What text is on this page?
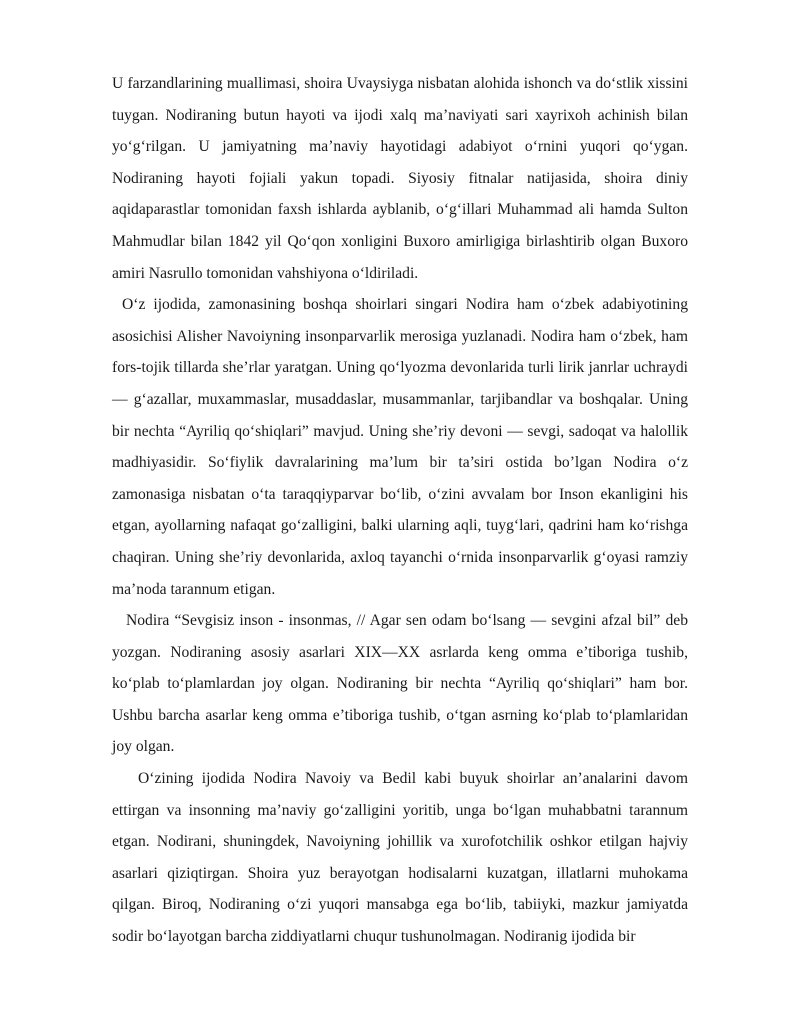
U farzandlarining muallimasi, shoira Uvaysiyga nisbatan alohida ishonch va do‘stlik xissini tuygan. Nodiraning butun hayoti va ijodi xalq ma’naviyati sari xayrixoh achinish bilan yo‘g‘rilgan. U jamiyatning ma’naviy hayotidagi adabiyot o‘rnini yuqori qo‘ygan. Nodiraning hayoti fojiali yakun topadi. Siyosiy fitnalar natijasida, shoira diniy aqidaparastlar tomonidan faxsh ishlarda ayblanib, o‘g‘illari Muhammad ali hamda Sulton Mahmudlar bilan 1842 yil Qo‘qon xonligini Buxoro amirligiga birlashtirib olgan Buxoro amiri Nasrullo tomonidan vahshiyona o‘ldiriladi.

O‘z ijodida, zamonasining boshqa shoirlari singari Nodira ham o‘zbek adabiyotining asosichisi Alisher Navoiyning insonparvarlik merosiga yuzlanadi. Nodira ham o‘zbek, ham fors-tojik tillarda she’rlar yaratgan. Uning qo‘lyozma devonlarida turli lirik janrlar uchraydi — g‘azallar, muxammaslar, musaddaslar, musammanlar, tarjibandlar va boshqalar. Uning bir nechta “Ayriliq qo‘shiqlari” mavjud. Uning she’riy devoni — sevgi, sadoqat va halollik madhiyasidir. So‘fiylik davralarining ma’lum bir ta’siri ostida bo’lgan Nodira o‘z zamonasiga nisbatan o‘ta taraqqiyparvar bo‘lib, o‘zini avvalam bor Inson ekanligini his etgan, ayollarning nafaqat go‘zalligini, balki ularning aqli, tuyg‘lari, qadrini ham ko‘rishga chaqiran. Uning she’riy devonlarida, axloq tayanchi o‘rnida insonparvarlik g‘oyasi ramziy ma’noda tarannum etigan.

Nodira “Sevgisiz inson - insonmas, // Agar sen odam bo‘lsang — sevgini afzal bil” deb yozgan. Nodiraning asosiy asarlari XIX—XX asrlarda keng omma e’tiboriga tushib, ko‘plab to‘plamlardan joy olgan. Nodiraning bir nechta “Ayriliq qo‘shiqlari” ham bor. Ushbu barcha asarlar keng omma e’tiboriga tushib, o‘tgan asrning ko‘plab to‘plamlaridan joy olgan.

O‘zining ijodida Nodira Navoiy va Bedil kabi buyuk shoirlar an’analarini davom ettirgan va insonning ma’naviy go‘zalligini yoritib, unga bo‘lgan muhabbatni tarannum etgan. Nodirani, shuningdek, Navoiyning johillik va xurofotchilik oshkor etilgan hajviy asarlari qiziqtirgan. Shoira yuz berayotgan hodisalarni kuzatgan, illatlarni muhokama qilgan. Biroq, Nodiraning o‘zi yuqori mansabga ega bo‘lib, tabiiyki, mazkur jamiyatda sodir bo‘layotgan barcha ziddiyatlarni chuqur tushunolmagan. Nodiranig ijodida bir
